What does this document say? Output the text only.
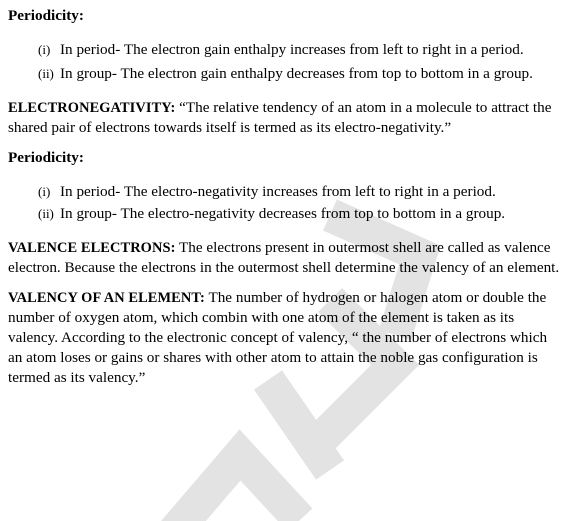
Periodicity:

(i) In period- The electron gain enthalpy increases from left to right in a period.
(ii) In group- The electron gain enthalpy decreases from top to bottom in a group.

ELECTRONEGATIVITY: “The relative tendency of an atom in a molecule to attract the shared pair of electrons towards itself is termed as its electro-negativity.”

Periodicity:

(i) In period- The electro-negativity increases from left to right in a period.
(ii) In group- The electro-negativity decreases from top to bottom in a group.

VALENCE ELECTRONS: The electrons present in outermost shell are called as valence electron. Because the electrons in the outermost shell determine the valency of an element.

VALENCY OF AN ELEMENT: The number of hydrogen or halogen atom or double the number of oxygen atom, which combin with one atom of the element is taken as its valency. According to the electronic concept of valency, “ the number of electrons which an atom loses or gains or shares with other atom to attain the noble gas configuration is termed as its valency.”
